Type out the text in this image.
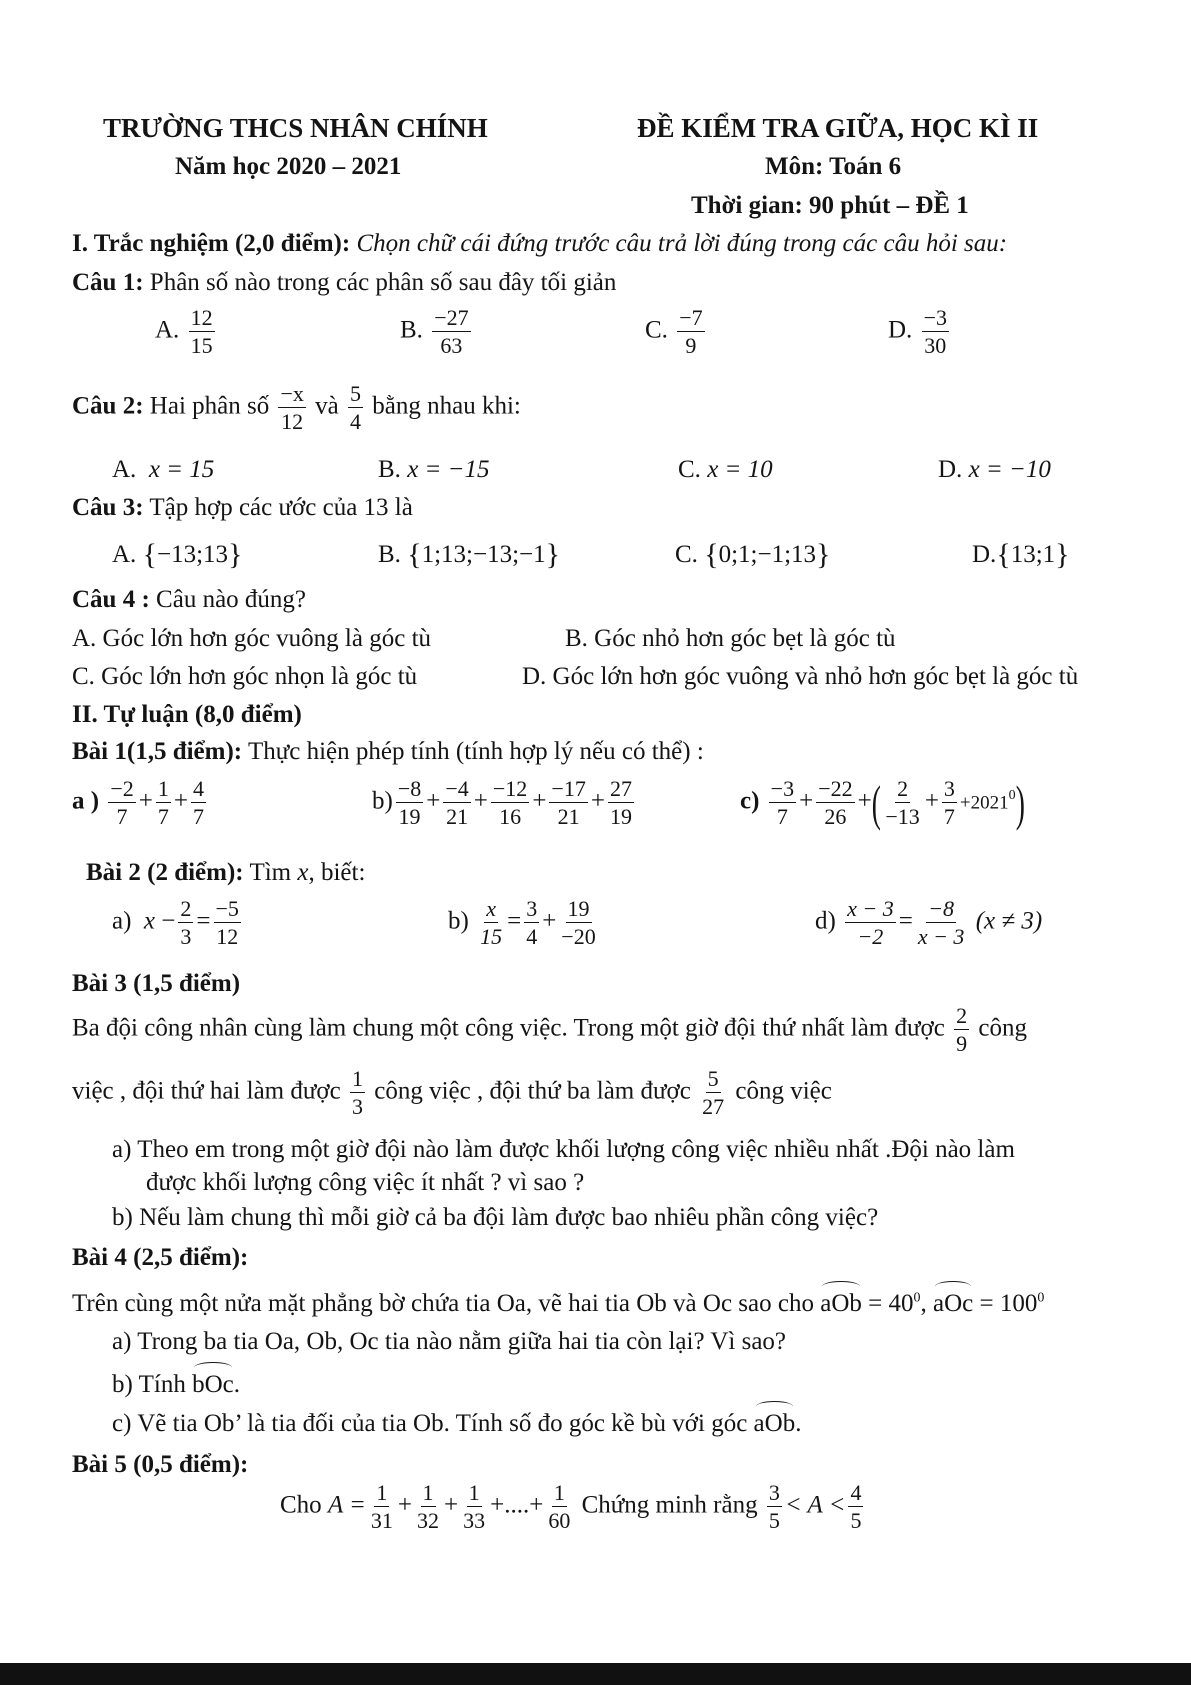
TRƯỜNG THCS NHÂN CHÍNH
Năm học 2020 – 2021
ĐỀ KIỂM TRA GIỮA, HỌC KÌ II
Môn: Toán 6
Thời gian: 90 phút – ĐỀ 1
I. Trắc nghiệm (2,0 điểm): Chọn chữ cái đứng trước câu trả lời đúng trong các câu hỏi sau:
Câu 1: Phân số nào trong các phân số sau đây tối giản
A. $\frac{12}{15}$	B. $\frac{-27}{63}$	C. $\frac{-7}{9}$	D. $\frac{-3}{30}$
Câu 2: Hai phân số $\frac{-x}{12}$ và $\frac{5}{4}$ bằng nhau khi:
A. x = 15	B. x = −15	C. x = 10	D. x = −10
Câu 3: Tập hợp các ước của 13 là
A. {−13;13}	B. {1;13;−13;−1}	C. {0;1;−1;13}	D.{13;1}
Câu 4 : Câu nào đúng?
A. Góc lớn hơn góc vuông là góc tù	B. Góc nhỏ hơn góc bẹt là góc tù
C. Góc lớn hơn góc nhọn là góc tù	D. Góc lớn hơn góc vuông và nhỏ hơn góc bẹt là góc tù
II. Tự luận (8,0 điểm)
Bài 1(1,5 điểm): Thực hiện phép tính (tính hợp lý nếu có thể) :
a ) $\frac{-2}{7} + \frac{1}{7} + \frac{4}{7}$	$b) \frac{-8}{19} + \frac{-4}{21} + \frac{-12}{16} + \frac{-17}{21} + \frac{27}{19}$	$c) \frac{-3}{7} + \frac{-22}{26}$ +( $\frac{2}{-13} + \frac{3}{7} +2021^0$)
Bài 2 (2 điểm): Tìm x, biết:
a) $x - \frac{2}{3} = \frac{-5}{12}$	$b) \frac{x}{15} = \frac{3}{4} + \frac{19}{-20}$	$d) \frac{x - 3}{-2} = \frac{-8}{x - 3} (x \ne 3)$
Bài 3 (1,5 điểm)
Ba đội công nhân cùng làm chung một công việc. Trong một giờ đội thứ nhất làm được $\frac{2}{9}$ công
việc , đội thứ hai làm được $\frac{1}{3}$ công việc , đội thứ ba làm được $\frac{5}{27}$ công việc
a) Theo em trong một giờ đội nào làm được khối lượng công việc nhiều nhất .Đội nào làm
được khối lượng công việc ít nhất ? vì sao ?
b) Nếu làm chung thì mỗi giờ cả ba đội làm được bao nhiêu phần công việc?
Bài 4 (2,5 điểm):
Trên cùng một nửa mặt phẳng bờ chứa tia Oa, vẽ hai tia Ob và Oc sao cho aOb = $40^0$, aOc = $100^0$
a) Trong ba tia Oa, Ob, Oc tia nào nằm giữa hai tia còn lại? Vì sao?
b) Tính bOc.
c) Vẽ tia Ob’ là tia đối của tia Ob. Tính số đo góc kề bù với góc aOb.
Bài 5 (0,5 điểm):
Cho $A = \frac{1}{31} + \frac{1}{32} + \frac{1}{33}$ +....+ $\frac{1}{60}$ Chứng minh rằng $\frac{3}{5} < A < \frac{4}{5}$
